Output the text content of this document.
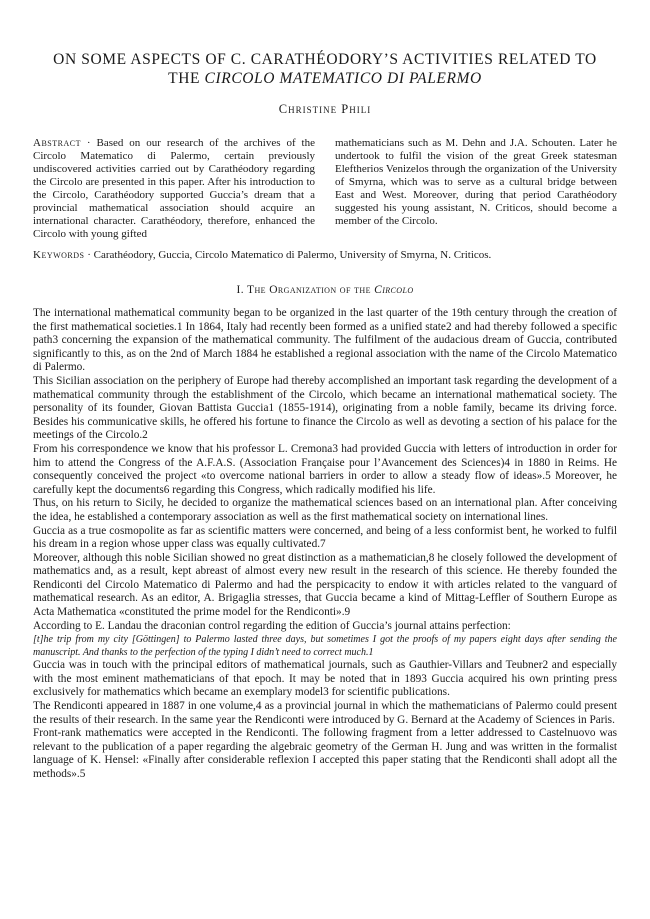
ON SOME ASPECTS OF C. CARATHÉODORY’S ACTIVITIES RELATED TO
THE CIRCOLO MATEMATICO DI PALERMO
Christine Phili
Abstract · Based on our research of the archives of the Circolo Matematico di Palermo, certain previously undiscovered activities carried out by Carathéodory regarding the Circolo are presented in this paper. After his introduction to the Circolo, Carathéodory supported Guccia’s dream that a provincial mathematical association should acquire an international character. Carathéodory, therefore, enhanced the Circolo with young gifted
mathematicians such as M. Dehn and J.A. Schouten. Later he undertook to fulfil the vision of the great Greek statesman Eleftherios Venizelos through the organization of the University of Smyrna, which was to serve as a cultural bridge between East and West. Moreover, during that period Carathéodory suggested his young assistant, N. Criticos, should become a member of the Circolo.
Keywords · Carathéodory, Guccia, Circolo Matematico di Palermo, University of Smyrna, N. Criticos.
I. The Organization of the Circolo

The international mathematical community began to be organized in the last quarter of the 19th century through the creation of the first mathematical societies.1 In 1864, Italy had recently been formed as a unified state2 and had thereby followed a specific path3 concerning the expansion of the mathematical community. The fulfilment of the audacious dream of Guccia, contributed significantly to this, as on the 2nd of March 1884 he established a regional association with the name of the Circolo Matematico di Palermo.

This Sicilian association on the periphery of Europe had thereby accomplished an important task regarding the development of a mathematical community through the establishment of the Circolo, which became an international mathematical society. The personality of its founder, Giovan Battista Guccia1 (1855-1914), originating from a noble family, became its driving force. Besides his communicative skills, he offered his fortune to finance the Circolo as well as devoting a section of his palace for the meetings of the Circolo.2

From his correspondence we know that his professor L. Cremona3 had provided Guccia with letters of introduction in order for him to attend the Congress of the A.F.A.S. (Association Française pour l’Avancement des Sciences)4 in 1880 in Reims. He consequently conceived the project «to overcome national barriers in order to allow a steady flow of ideas».5 Moreover, he carefully kept the documents6 regarding this Congress, which radically modified his life.

Thus, on his return to Sicily, he decided to organize the mathematical sciences based on an international plan. After conceiving the idea, he established a contemporary association as well as the first mathematical society on international lines.

Guccia as a true cosmopolite as far as scientific matters were concerned, and being of a less conformist bent, he worked to fulfil his dream in a region whose upper class was equally cultivated.7

Moreover, although this noble Sicilian showed no great distinction as a mathematician,8 he closely followed the development of mathematics and, as a result, kept abreast of almost every new result in the research of this science. He thereby founded the Rendiconti del Circolo Matematico di Palermo and had the perspicacity to endow it with articles related to the vanguard of mathematical research. As an editor, A. Brigaglia stresses, that Guccia became a kind of Mittag-Leffler of Southern Europe as Acta Mathematica «constituted the prime model for the Rendiconti».9

According to E. Landau the draconian control regarding the edition of Guccia’s journal attains perfection:

[t]he trip from my city [Göttingen] to Palermo lasted three days, but sometimes I got the proofs of my papers eight days after sending the manuscript. And thanks to the perfection of the typing I didn’t need to correct much.1

Guccia was in touch with the principal editors of mathematical journals, such as Gauthier-Villars and Teubner2 and especially with the most eminent mathematicians of that epoch. It may be noted that in 1893 Guccia acquired his own printing press exclusively for mathematics which became an exemplary model3 for scientific publications.

The Rendiconti appeared in 1887 in one volume,4 as a provincial journal in which the mathematicians of Palermo could present the results of their research. In the same year the Rendiconti were introduced by G. Bernard at the Academy of Sciences in Paris.

Front-rank mathematics were accepted in the Rendiconti. The following fragment from a letter addressed to Castelnuovo was relevant to the publication of a paper regarding the algebraic geometry of the German H. Jung and was written in the formalist language of K. Hensel: «Finally after considerable reflexion I accepted this paper stating that the Rendiconti shall adopt all the methods».5
